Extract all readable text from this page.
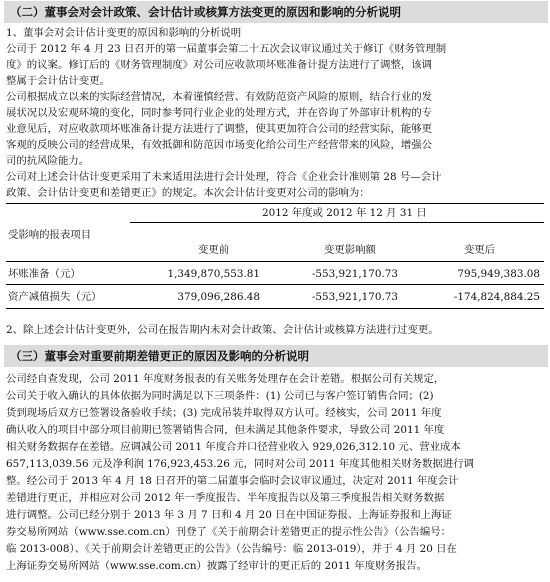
（二）董事会对会计政策、会计估计或核算方法变更的原因和影响的分析说明
1、董事会对会计估计变更的原因和影响的分析说明
公司于 2012 年 4 月 23 日召开的第一届董事会第二十五次会议审议通过关于修订《财务管理制
度》的议案。修订后的《财务管理制度》对公司应收款项坏账准备计提方法进行了调整，该调
整属于会计估计变更。
公司根据成立以来的实际经营情况，本着谨慎经营、有效防范资产风险的原则，结合行业的发
展状况以及宏观环境的变化，同时参考同行业企业的处理方式，并在咨询了外部审计机构的专
业意见后，对应收款项坏账准备计提方法进行了调整，使其更加符合公司的经营实际，能够更
客观的反映公司的经营成果，有效抵御和防范因市场变化给公司生产经营带来的风险，增强公
司的抗风险能力。
公司对上述会计估计变更采用了未来适用法进行会计处理，符合《企业会计准则第 28 号—会计
政策、会计估计变更和差错更正》的规定。本次会计估计变更对公司的影响为：
2012 年度或 2012 年 12 月 31 日
受影响的报表项目
变更前	变更影响额	变更后
坏账准备（元）	1,349,870,553.81	-553,921,170.73	795,949,383.08
资产减值损失（元）	379,096,286.48	-553,921,170.73	-174,824,884.25
2、除上述会计估计变更外，公司在报告期内未对会计政策、会计估计或核算方法进行过变更。
（三）董事会对重要前期差错更正的原因及影响的分析说明
公司经自查发现，公司 2011 年度财务报表的有关账务处理存在会计差错。根据公司有关规定，
公司关于收入确认的具体依据为同时满足以下三项条件：(1) 公司已与客户签订销售合同；(2)
货到现场后双方已签署设备验收手续；(3) 完成吊装并取得双方认可。经核实，公司 2011 年度
确认收入的项目中部分项目前期已签署销售合同，但未满足其他条件要求，导致公司 2011 年度
相关财务数据存在差错。应调减公司 2011 年度合并口径营业收入 929,026,312.10 元、营业成本
657,113,039.56 元及净利润 176,923,453.26 元，同时对公司 2011 年度其他相关财务数据进行调
整。经公司于 2013 年 4 月 18 日召开的第二届董事会临时会议审议通过，决定对 2011 年度会计
差错进行更正，并相应对公司 2012 年一季度报告、半年度报告以及第三季度报告相关财务数据
进行调整。公司已经分别于 2013 年 3 月 7 日和 4 月 20 日在中国证券报、上海证券报和上海证
券交易所网站（www.sse.com.cn）刊登了《关于前期会计差错更正的提示性公告》（公告编号：
临 2013-008）、《关于前期会计差错更正的公告》（公告编号：临 2013-019），并于 4 月 20 日在
上海证券交易所网站（www.sse.com.cn）披露了经审计的更正后的 2011 年度财务报告。
